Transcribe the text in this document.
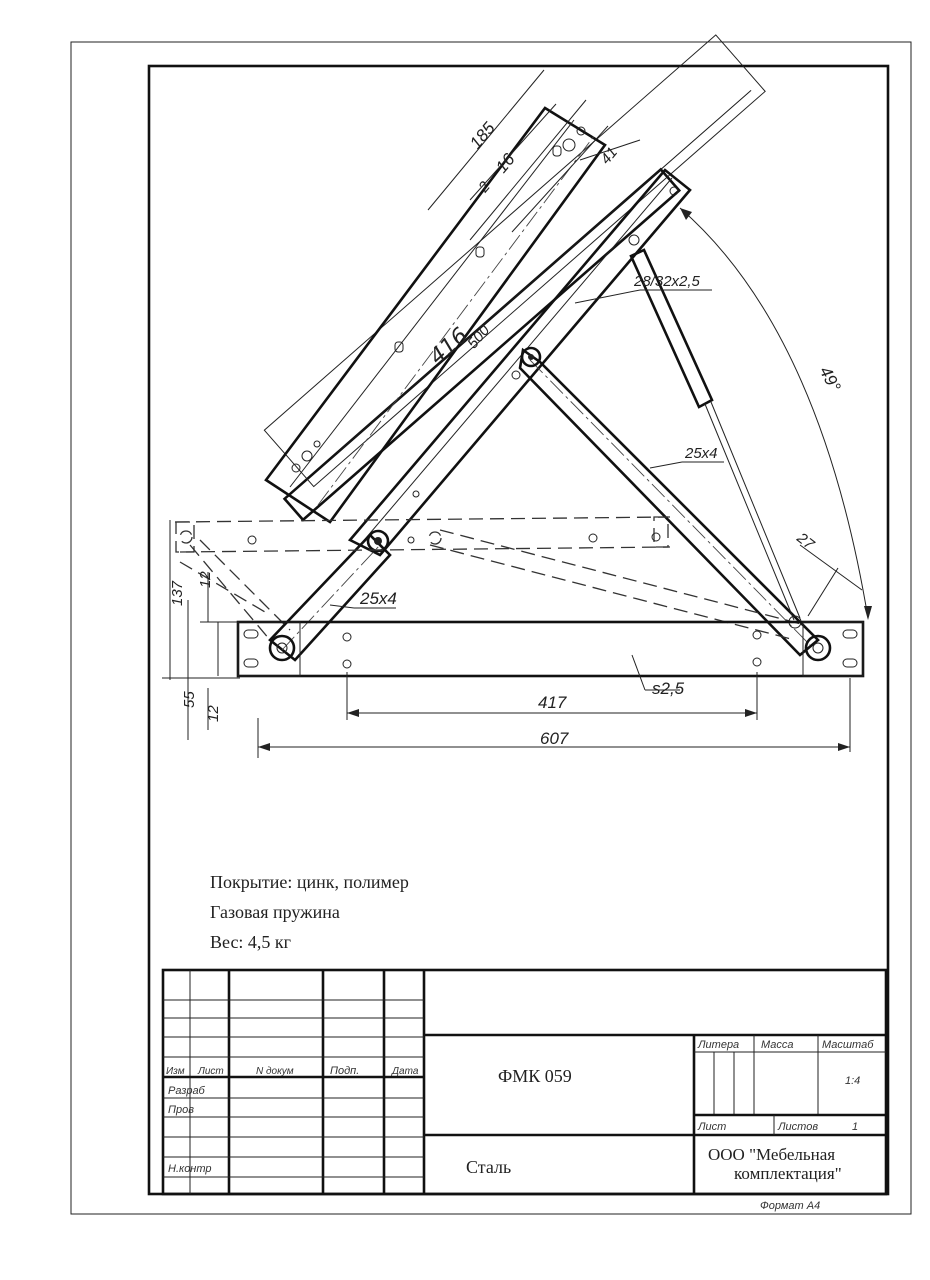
185
2
16	41
416
500
28/32x2,5
49°
25x4
27
25x4
137
12
55
12
417
s2,5
607
Покрытие: цинк, полимер
Газовая пружина
Вес: 4,5 кг
Изм Лист	N докум	Подп.	Дата
Разраб
Пров
Н.контр
ФМК 059
Сталь
Литера Масса	Масштаб
1:4
Лист	Листов	1
ООО "Мебельная
комплектация"
Формат А4
